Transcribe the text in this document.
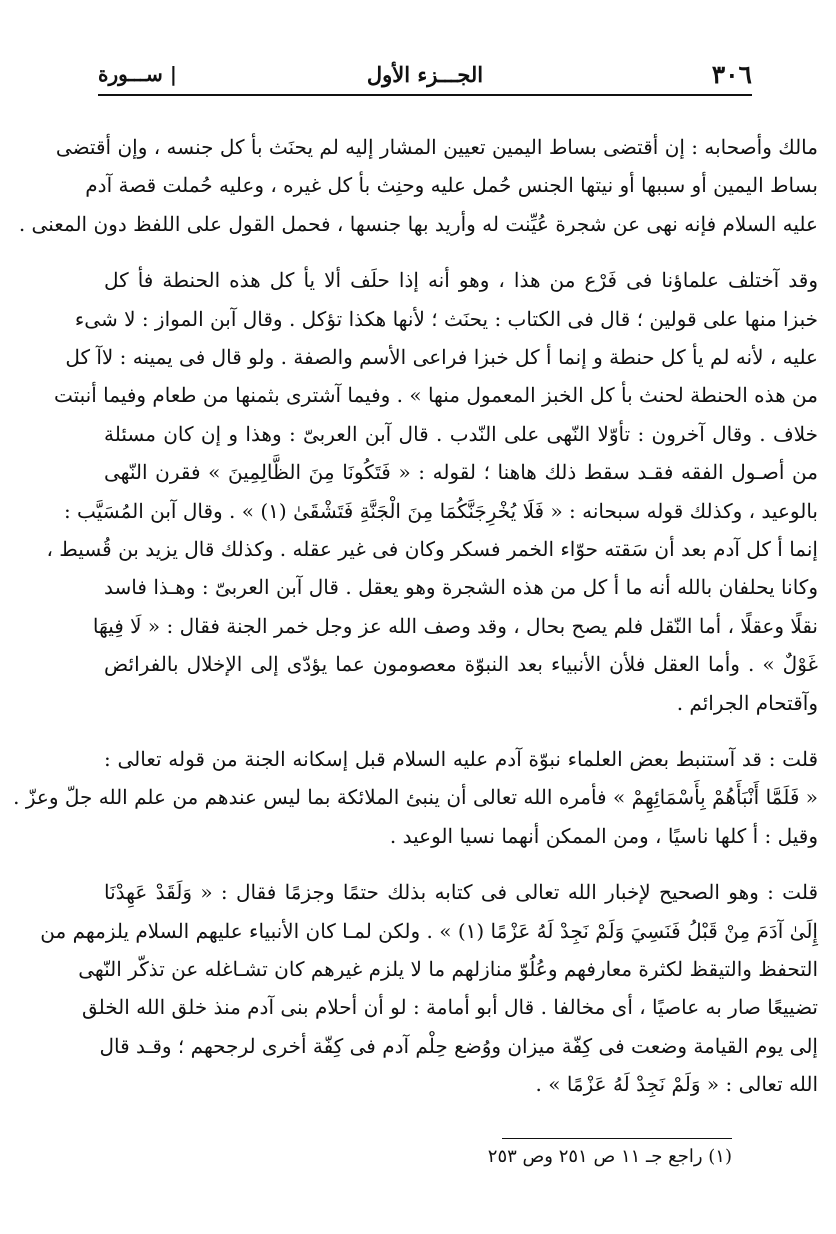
٣٠٦
الجـــزء الأول
| ســـورة
مالك وأصحابه : إن أقتضى بساط اليمين تعيين المشار إليه لم يحنَث بأ كل جنسه ، وإن أقتضى
بساط اليمين أو سببها أو نيتها الجنس حُمل عليه وحنِث بأ كل غيره ، وعليه حُملت قصة آدم
عليه السلام فإنه نهى عن شجرة عُيِّنت له وأريد بها جنسها ، فحمل القول على اللفظ دون المعنى .
وقد آختلف علماؤنا فى فَرْع من هذا ، وهو أنه إذا حلَف ألا يأ كل هذه الحنطة فأ كل
خبزا منها على قولين ؛ قال فى الكتاب : يحنَث ؛ لأنها هكذا تؤكل . وقال آبن المواز : لا شىء
عليه ، لأنه لم يأ كل حنطة و إنما أ كل خبزا فراعى الأسم والصفة . ولو قال فى يمينه : لاآ كل
من هذه الحنطة لحنث بأ كل الخبز المعمول منها » . وفيما آشترى بثمنها من طعام وفيما أنبتت
خلاف . وقال آخرون : تأوّلا النّهى على النّدب . قال آبن العربىّ : وهذا و إن كان مسئلة
من أصـول الفقه فقـد سقط ذلك هاهنا ؛ لقوله : « فَتَكُونَا مِنَ الظَّالِمِينَ » فقرن النّهى
بالوعيد ، وكذلك قوله سبحانه : « فَلَا يُخْرِجَنَّكُمَا مِنَ الْجَنَّةِ فَتَشْقَىٰ (١) » . وقال آبن المُسَيَّب :
إنما أ كل آدم بعد أن سَقته حوّاء الخمر فسكر وكان فى غير عقله . وكذلك قال يزيد بن قُسيط ،
وكانا يحلفان بالله أنه ما أ كل من هذه الشجرة وهو يعقل . قال آبن العربىّ : وهـذا فاسد
نقلًا وعقلًا ، أما النّقل فلم يصح بحال ، وقد وصف الله عز وجل خمر الجنة فقال : « لَا فِيهَا
غَوْلٌ » . وأما العقل فلأن الأنبياء بعد النبوّة معصومون عما يؤدّى إلى الإخلال بالفرائض
وآقتحام الجرائم .
قلت : قد آستنبط بعض العلماء نبوّة آدم عليه السلام قبل إسكانه الجنة من قوله تعالى :
« فَلَمَّا أَنْبَأَهُمْ بِأَسْمَائِهِمْ » فأمره الله تعالى أن ينبئ الملائكة بما ليس عندهم من علم الله جلّ وعزّ .
وقيل : أ كلها ناسيًا ، ومن الممكن أنهما نسيا الوعيد .
قلت : وهو الصحيح لإخبار الله تعالى فى كتابه بذلك حتمًا وجزمًا فقال : « وَلَقَدْ عَهِدْنَا
إِلَىٰ آدَمَ مِنْ قَبْلُ فَنَسِيَ وَلَمْ نَجِدْ لَهُ عَزْمًا (١) » . ولكن لمـا كان الأنبياء عليهم السلام يلزمهم من
التحفظ والتيقظ لكثرة معارفهم وعُلُوّ منازلهم ما لا يلزم غيرهم كان تشـاغله عن تذكّر النّهى
تضييعًا صار به عاصيًا ، أى مخالفا . قال أبو أمامة : لو أن أحلام بنى آدم منذ خلق الله الخلق
إلى يوم القيامة وضعت فى كِفّة ميزان ووُضع حِلْم آدم فى كِفّة أخرى لرجحهم ؛ وقـد قال
الله تعالى : « وَلَمْ نَجِدْ لَهُ عَزْمًا » .
(١) راجع جـ ١١ ص ٢٥١ وص ٢٥٣
